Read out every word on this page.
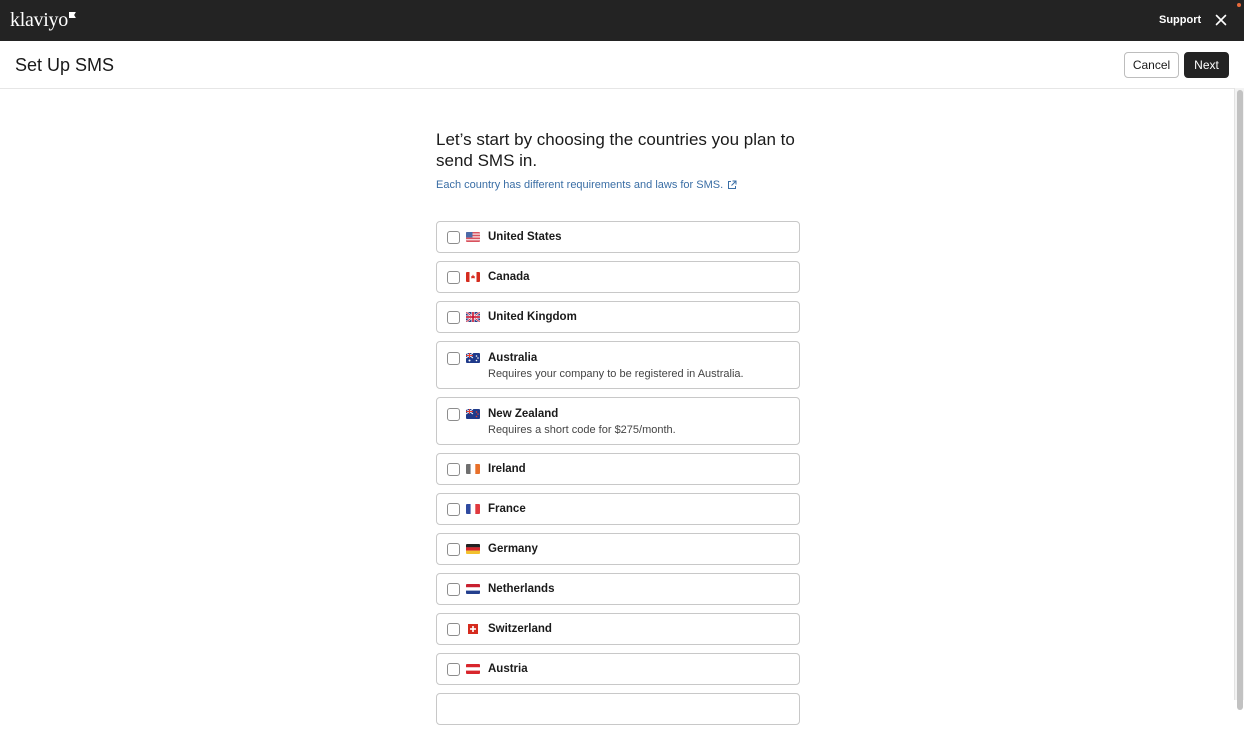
klaviyo	Support
Set Up SMS	Cancel	Next
Let’s start by choosing the countries you plan to send SMS in.
Each country has different requirements and laws for SMS.
United States
Canada
United Kingdom
Australia
Requires your company to be registered in Australia.
New Zealand
Requires a short code for $275/month.
Ireland
France
Germany
Netherlands
Switzerland
Austria
